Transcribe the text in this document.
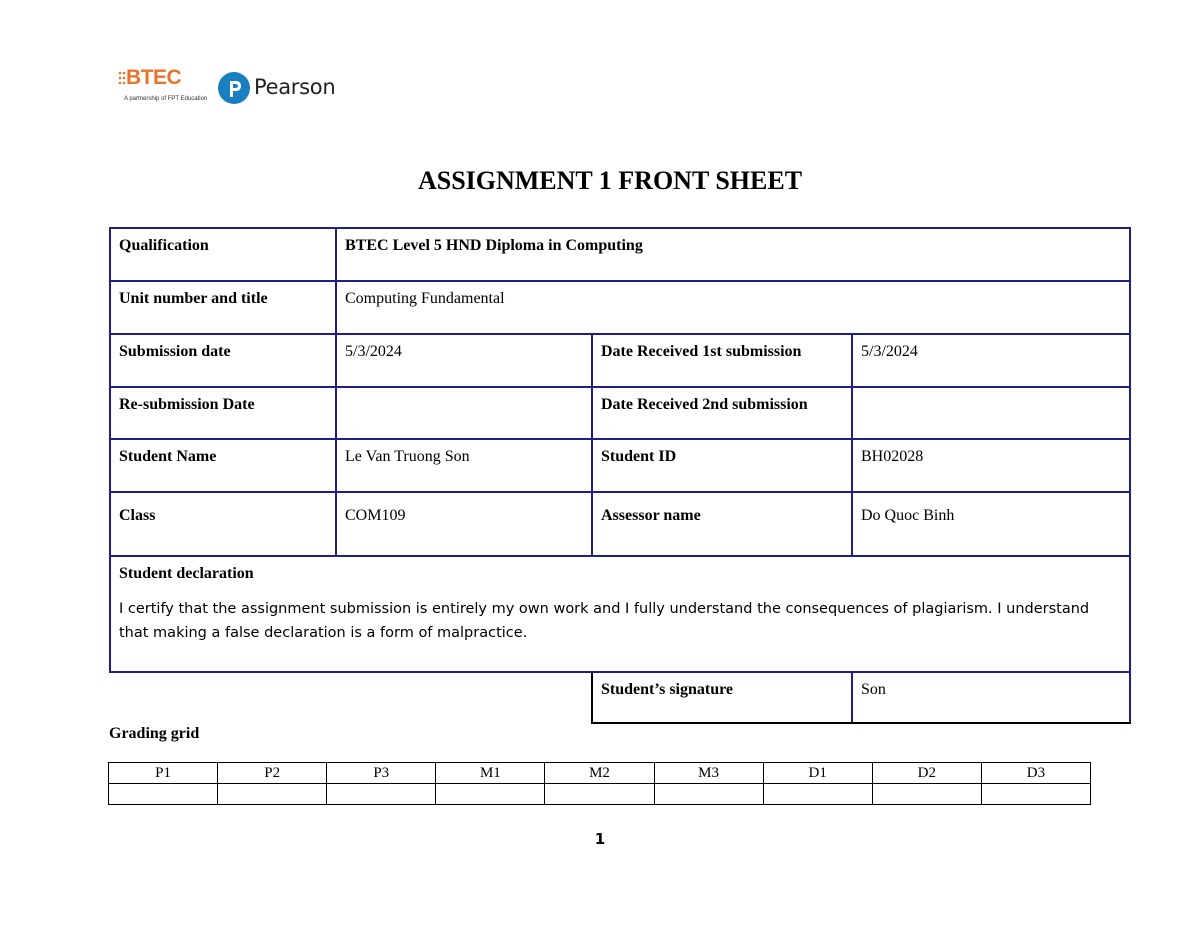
BTEC
A partnership of FPT Education Pearson
ASSIGNMENT 1 FRONT SHEET
Qualification	BTEC Level 5 HND Diploma in Computing		
Unit number and title	Computing Fundamental		
Submission date	5/3/2024	Date Received 1st submission	5/3/2024
Re-submission Date		Date Received 2nd submission	
Student Name	Le Van Truong Son	Student ID	BH02028
Class	COM109	Assessor name	Do Quoc Binh

Student declaration
I certify that the assignment submission is entirely my own work and I fully understand the consequences of plagiarism. I understand that making a false declaration is a form of malpractice.			

		Student’s signature	Son
Grading grid
P1	P2	P3	M1	M2	M3	D1	D2	D3

1
